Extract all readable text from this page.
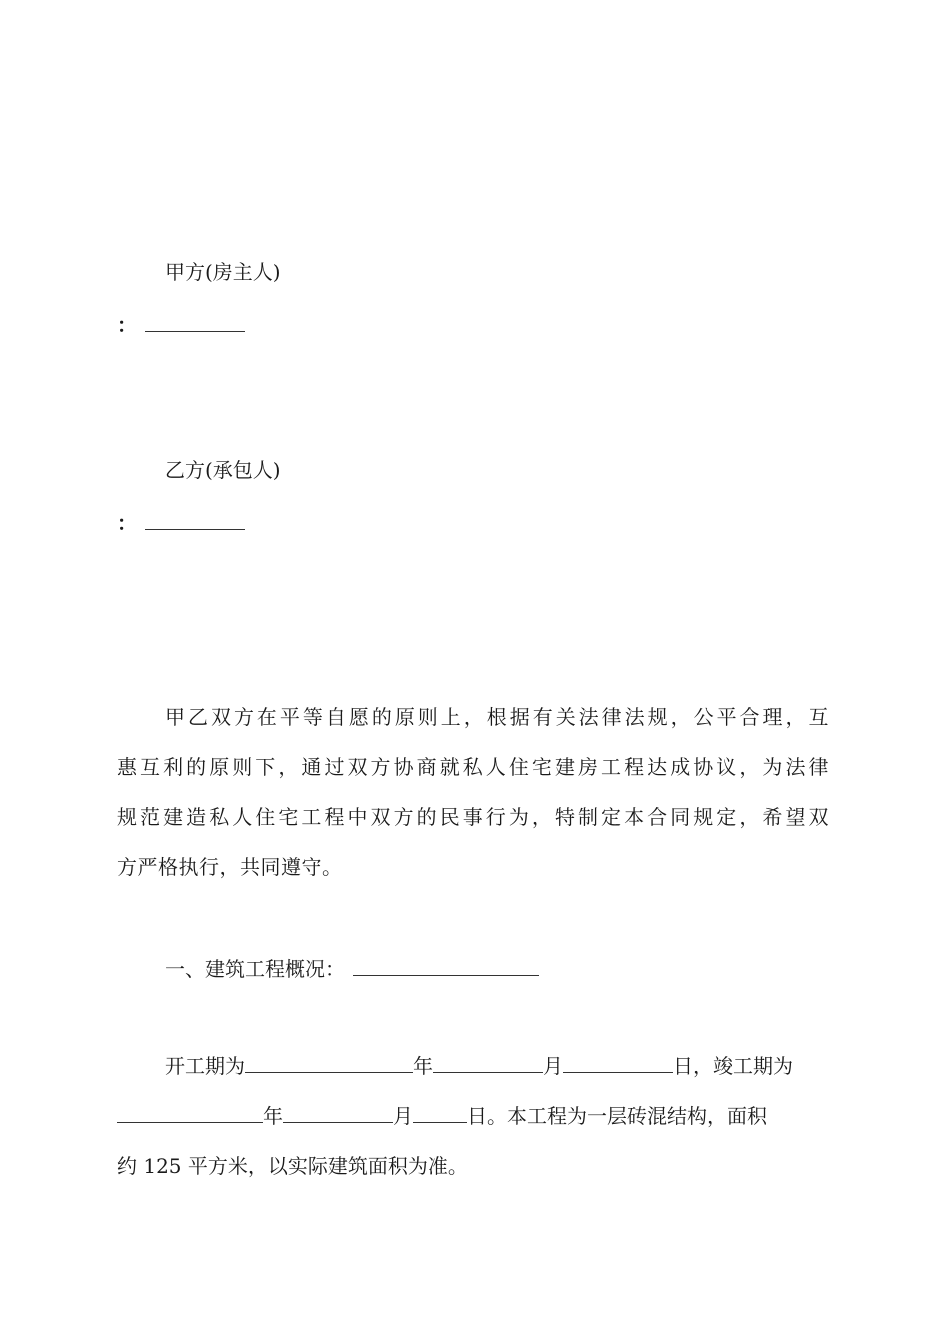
甲方(房主人)
：
乙方(承包人)
：
甲乙双方在平等自愿的原则上，根据有关法律法规，公平合理，互
惠互利的原则下，通过双方协商就私人住宅建房工程达成协议，为法律
规范建造私人住宅工程中双方的民事行为，特制定本合同规定，希望双
方严格执行，共同遵守。
一、建筑工程概况：
开工期为	年	月	日，竣工期为
年	月	日。本工程为一层砖混结构，面积
约 125 平方米，以实际建筑面积为准。
